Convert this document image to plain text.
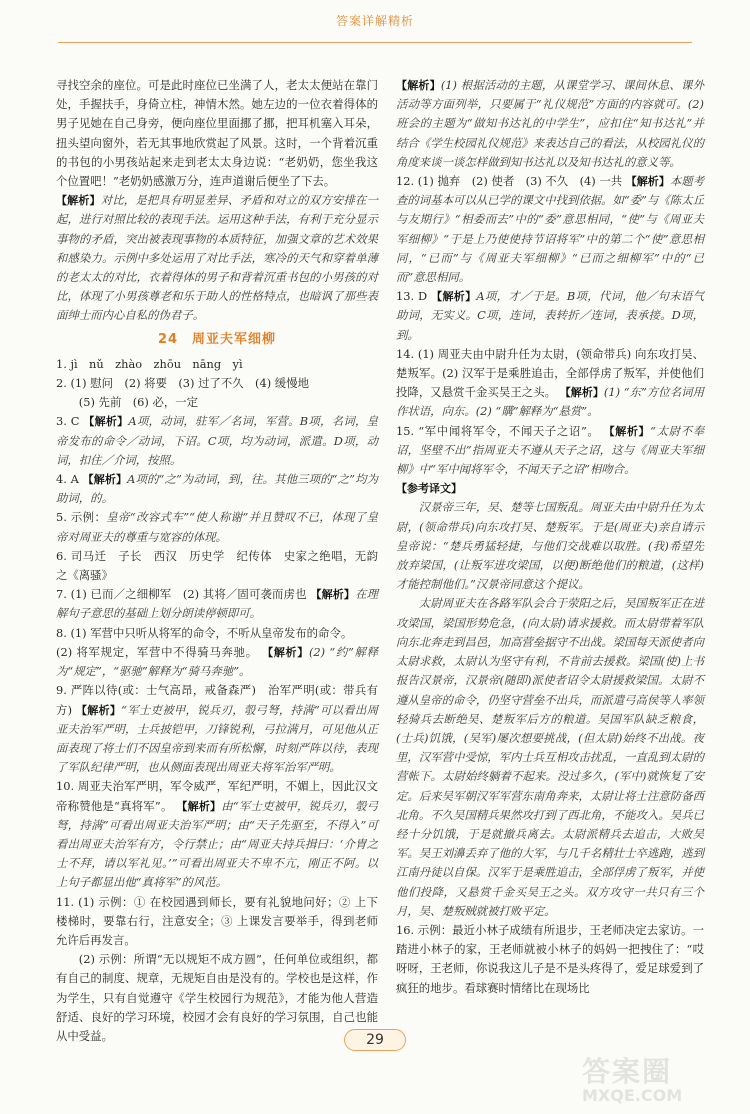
答案详解精析

寻找空余的座位。可是此时座位已坐满了人，老太太便站在靠门处，手握扶手，身倚立柱，神情木然。她左边的一位衣着得体的男子见她在自己身旁，便向座位里面挪了挪，把耳机塞入耳朵，扭头望向窗外，若无其事地欣赏起了风景。这时，一个背着沉重的书包的小男孩站起来走到老太太身边说：“老奶奶，您坐我这个位置吧！”老奶奶感激万分，连声道谢后便坐了下去。

【解析】对比，是把具有明显差异、矛盾和对立的双方安排在一起，进行对照比较的表现手法。运用这种手法，有利于充分显示事物的矛盾，突出被表现事物的本质特征，加强文章的艺术效果和感染力。示例中多处运用了对比手法，寒冷的天气和穿着单薄的老太太的对比，衣着得体的男子和背着沉重书包的小男孩的对比，体现了小男孩尊老和乐于助人的性格特点，也暗讽了那些表面绅士而内心自私的伪君子。

24　周亚夫军细柳

1. jì　nǔ　zhào　zhōu　nāng　yì

2. (1) 慰问　(2) 将要　(3) 过了不久　(4) 缓慢地

(5) 先前　(6) 必，一定

3. C 【解析】A项，动词，驻军／名词，军营。B项，名词，皇帝发布的命令／动词，下诏。C项，均为动词，派遣。D项，动词，扣住／介词，按照。

4. A 【解析】A项的“之”为动词，到，往。其他三项的“之”均为助词，的。

5. 示例：皇帝“改容式车”“使人称谢”并且赞叹不已，体现了皇帝对周亚夫的尊重与宽容的体现。

6. 司马迁　子长　西汉　历史学　纪传体　史家之绝唱，无韵之《离骚》

7. (1) 已而／之细柳军　(2) 其将／固可袭而虏也 【解析】在理解句子意思的基础上划分朗读停顿即可。

8. (1) 军营中只听从将军的命令，不听从皇帝发布的命令。

(2) 将军规定，军营中不得骑马奔驰。 【解析】(2) “约”解释为“规定”，“驱驰”解释为“骑马奔驰”。

9. 严阵以待(或：士气高昂，戒备森严)　治军严明(或：带兵有方) 【解析】“军士吏被甲，锐兵刃，彀弓弩，持满”可以看出周亚夫治军严明，士兵披铠甲，刀锋锐利，弓拉满月，可见他从正面表现了将士们不因皇帝到来而有所松懈，时刻严阵以待，表现了军队纪律严明，也从侧面表现出周亚夫将军治军严明。

10. 周亚夫治军严明，军令威严，军纪严明，不媚上，因此汉文帝称赞他是“真将军”。 【解析】由“军士吏被甲，锐兵刃，彀弓弩，持满”可看出周亚夫治军严明；由“天子先驱至，不得入”可看出周亚夫治军有方，令行禁止；由“周亚夫持兵揖曰：‘介胄之士不拜，请以军礼见。’”可看出周亚夫不卑不亢，刚正不阿。以上句子都显出他“真将军”的风范。

11. (1) 示例：① 在校园遇到师长，要有礼貌地问好；② 上下楼梯时，要靠右行，注意安全；③ 上课发言要举手，得到老师允许后再发言。

(2) 示例：所谓“无以规矩不成方圆”，任何单位或组织，都有自己的制度、规章，无规矩自由是没有的。学校也是这样，作为学生，只有自觉遵守《学生校园行为规范》，才能为他人营造舒适、良好的学习环境，校园才会有良好的学习氛围，自己也能从中受益。

【解析】(1) 根据活动的主题，从课堂学习、课间休息、课外活动等方面列举，只要属于“礼仪规范”方面的内容就可。(2) 班会的主题为“做知书达礼的中学生”，应扣住“知书达礼”并结合《学生校园礼仪规范》来表达自己的看法，从校园礼仪的角度来谈一谈怎样做到知书达礼以及知书达礼的意义等。

12. (1) 抛弃　(2) 使者　(3) 不久　(4) 一共 【解析】本题考查的词基本可以从已学的课文中找到依据。如“委”与《陈太丘与友期行》“相委而去”中的“委”意思相同，“使”与《周亚夫军细柳》“于是上乃使使持节诏将军”中的第二个“使”意思相同，“已而”与《周亚夫军细柳》“已而之细柳军”中的“已而”意思相同。

13. D 【解析】A项，才／于是。B项，代词，他／句末语气助词，无实义。C项，连词，表转折／连词，表承接。D项，到。

14. (1) 周亚夫由中尉升任为太尉，(领命带兵) 向东攻打吴、楚叛军。(2) 汉军于是乘胜追击，全部俘虏了叛军，并使他们投降，又悬赏千金买吴王之头。 【解析】(1) “东”方位名词用作状语，向东。(2) “購”解释为“悬赏”。

15. “军中闻将军令，不闻天子之诏”。 【解析】“太尉不奉诏，坚壁不出”指周亚夫不遵从天子之诏，这与《周亚夫军细柳》中“军中闻将军令，不闻天子之诏”相吻合。

【参考译文】

汉景帝三年，吴、楚等七国叛乱。周亚夫由中尉升任为太尉，(领命带兵)向东攻打吴、楚叛军。于是(周亚夫)亲自请示皇帝说：“楚兵勇猛轻捷，与他们交战难以取胜。(我)希望先放弃梁国，(让叛军进攻梁国，以便)断绝他们的粮道，(这样)才能控制他们。”汉景帝同意这个提议。

太尉周亚夫在各路军队会合于荥阳之后，吴国叛军正在进攻梁国，梁国形势危急，(向太尉)请求援救。而太尉带着军队向东北奔走到昌邑，加高营垒据守不出战。梁国每天派使者向太尉求救，太尉认为坚守有利，不肯前去援救。梁国(使)上书报告汉景帝，汉景帝(随即)派使者诏令太尉援救梁国。太尉不遵从皇帝的命令，仍坚守营垒不出兵，而派遣弓高侯等人率领轻骑兵去断绝吴、楚叛军后方的粮道。吴国军队缺乏粮食，(士兵)饥饿，(吴军)屡次想要挑战，(但太尉)始终不出战。夜里，汉军营中受惊，军内士兵互相攻击扰乱，一直乱到太尉的营帐下。太尉始终躺着不起来。没过多久，(军中)就恢复了安定。后来吴军朝汉军军营东南角奔来，太尉让将士注意防备西北角。不久吴国精兵果然攻打到了西北角，不能攻入。吴兵已经十分饥饿，于是就撤兵离去。太尉派精兵去追击，大败吴军。吴王刘濞丢弃了他的大军，与几千名精壮士卒逃跑，逃到江南丹徒以自保。汉军于是乘胜追击，全部俘虏了叛军，并使他们投降，又悬赏千金买吴王之头。双方攻守一共只有三个月，吴、楚叛贼就被打败平定。

16. 示例：最近小林子成绩有所退步，王老师决定去家访。一踏进小林子的家，王老师就被小林子的妈妈一把拽住了：“哎呀呀，王老师，你说我这儿子是不是头疼得了，爱足球爱到了疯狂的地步。看球赛时情绪比在现场比

29
答案圈
MXQE.COM
